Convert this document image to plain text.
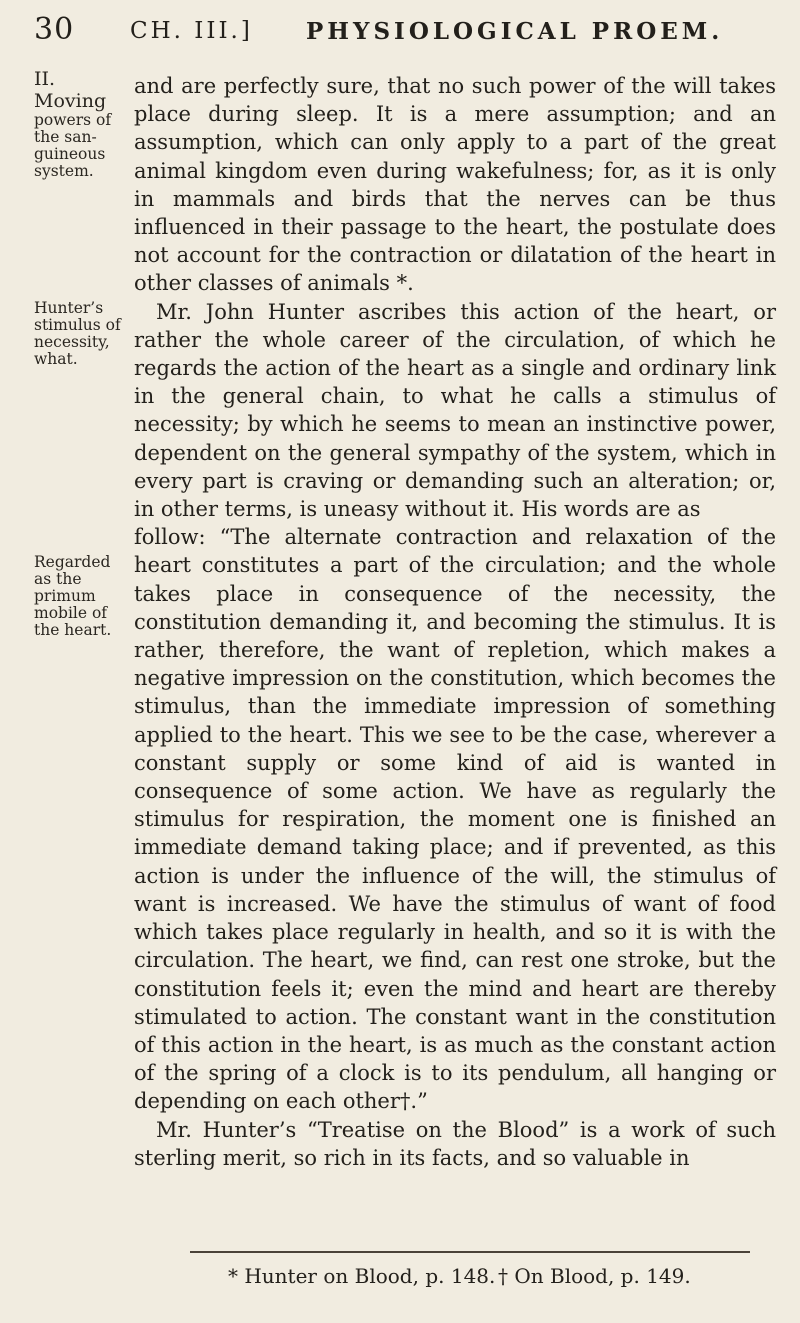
30 CH. III.] PHYSIOLOGICAL PROEM.
II. Moving
powers of the san-guineous system.
Hunter’s stimulus of necessity, what.
Regarded as the primum mobile of the heart.

and are perfectly sure, that no such power of the will takes place during sleep. It is a mere assumption; and an assumption, which can only apply to a part of the great animal kingdom even during wakefulness; for, as it is only in mammals and birds that the nerves can be thus influenced in their passage to the heart, the postulate does not account for the contraction or dilatation of the heart in other classes of animals *.

Mr. John Hunter ascribes this action of the heart, or rather the whole career of the circulation, of which he regards the action of the heart as a single and ordinary link in the general chain, to what he calls a stimulus of necessity; by which he seems to mean an instinctive power, dependent on the general sympathy of the system, which in every part is craving or demanding such an alteration; or, in other terms, is uneasy without it. His words are as

follow: “The alternate contraction and relaxation of the heart constitutes a part of the circulation; and the whole takes place in consequence of the necessity, the constitution demanding it, and becoming the stimulus. It is rather, therefore, the want of repletion, which makes a negative impression on the constitution, which becomes the stimulus, than the immediate impression of something applied to the heart. This we see to be the case, wherever a constant supply or some kind of aid is wanted in consequence of some action. We have as regularly the stimulus for respiration, the moment one is finished an immediate demand taking place; and if prevented, as this action is under the influence of the will, the stimulus of want is increased. We have the stimulus of want of food which takes place regularly in health, and so it is with the circulation. The heart, we find, can rest one stroke, but the constitution feels it; even the mind and heart are thereby stimulated to action. The constant want in the constitution of this action in the heart, is as much as the constant action of the spring of a clock is to its pendulum, all hanging or depending on each other†.”

Mr. Hunter’s “Treatise on the Blood” is a work of such sterling merit, so rich in its facts, and so valuable in

* Hunter on Blood, p. 148. † On Blood, p. 149.
